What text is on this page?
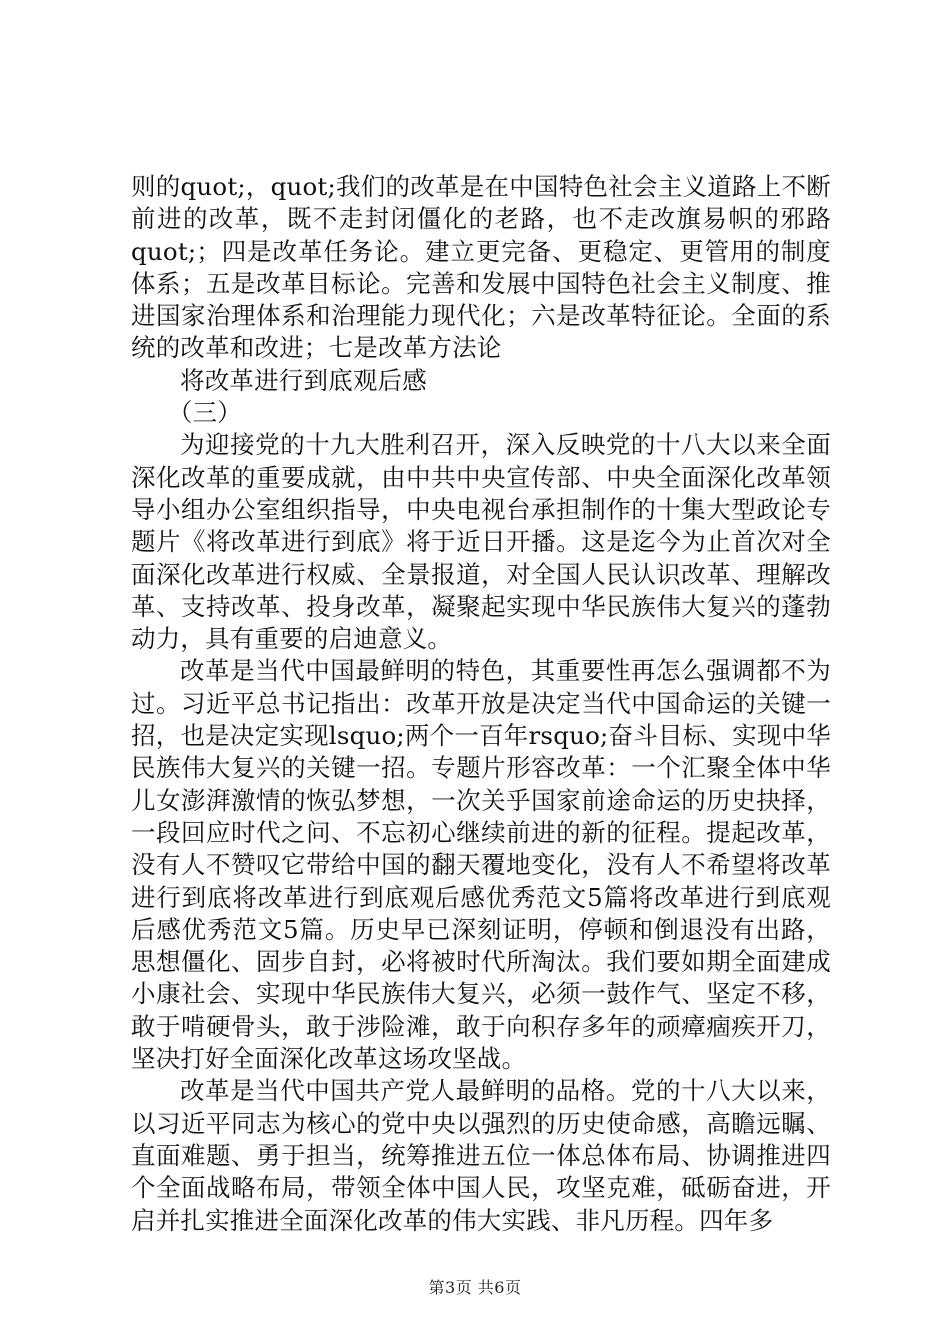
则的quot;，quot;我们的改革是在中国特色社会主义道路上不断前进的改革，既不走封闭僵化的老路，也不走改旗易帜的邪路quot;；四是改革任务论。建立更完备、更稳定、更管用的制度体系；五是改革目标论。完善和发展中国特色社会主义制度、推进国家治理体系和治理能力现代化；六是改革特征论。全面的系统的改革和改进；七是改革方法论

将改革进行到底观后感

（三）

为迎接党的十九大胜利召开，深入反映党的十八大以来全面深化改革的重要成就，由中共中央宣传部、中央全面深化改革领导小组办公室组织指导，中央电视台承担制作的十集大型政论专题片《将改革进行到底》将于近日开播。这是迄今为止首次对全面深化改革进行权威、全景报道，对全国人民认识改革、理解改革、支持改革、投身改革，凝聚起实现中华民族伟大复兴的蓬勃动力，具有重要的启迪意义。

改革是当代中国最鲜明的特色，其重要性再怎么强调都不为过。习近平总书记指出：改革开放是决定当代中国命运的关键一招，也是决定实现lsquo;两个一百年rsquo;奋斗目标、实现中华民族伟大复兴的关键一招。专题片形容改革：一个汇聚全体中华儿女澎湃激情的恢弘梦想，一次关乎国家前途命运的历史抉择，一段回应时代之问、不忘初心继续前进的新的征程。提起改革，没有人不赞叹它带给中国的翻天覆地变化，没有人不希望将改革进行到底将改革进行到底观后感优秀范文5篇将改革进行到底观后感优秀范文5篇。历史早已深刻证明，停顿和倒退没有出路，思想僵化、固步自封，必将被时代所淘汰。我们要如期全面建成小康社会、实现中华民族伟大复兴，必须一鼓作气、坚定不移，敢于啃硬骨头，敢于涉险滩，敢于向积存多年的顽瘴痼疾开刀，坚决打好全面深化改革这场攻坚战。

改革是当代中国共产党人最鲜明的品格。党的十八大以来，以习近平同志为核心的党中央以强烈的历史使命感，高瞻远瞩、直面难题、勇于担当，统筹推进五位一体总体布局、协调推进四个全面战略布局，带领全体中国人民，攻坚克难，砥砺奋进，开启并扎实推进全面深化改革的伟大实践、非凡历程。四年多

第3页 共6页
